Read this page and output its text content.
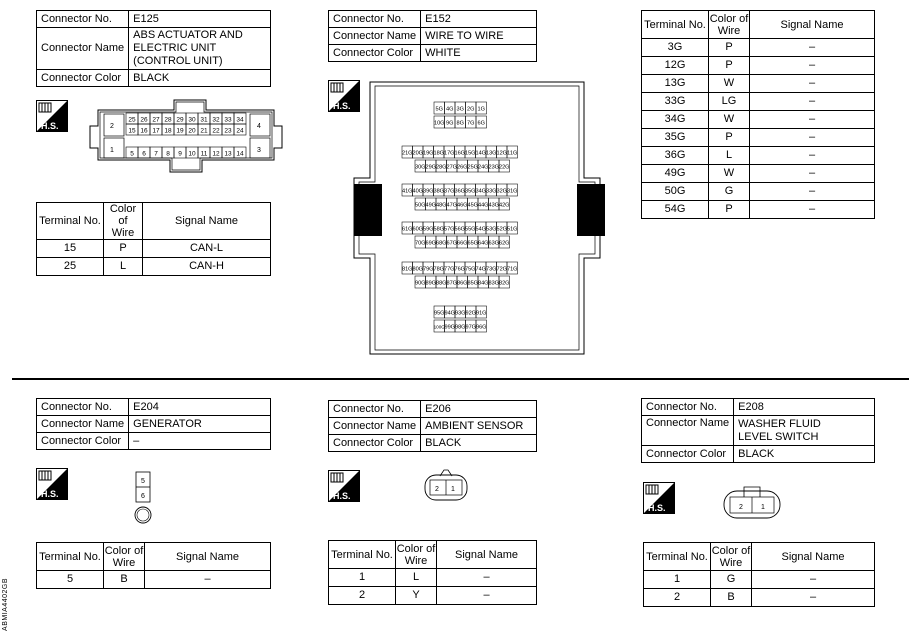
Connector No.	E125
Connector Name	ABS ACTUATOR AND
ELECTRIC UNIT
(CONTROL UNIT)

Connector Color	BLACK
H.S.
25 26 27 28 29 30 31 32 33 34
15 16 17 18 19 20 21 22 23 24
5 6 7 8 9 10 11 12 13 14
2
1
4
3
Terminal No.	Color of
Wire	Signal Name
15	P	CAN-L
25	L	CAN-H
Connector No.	E152
Connector Name	WIRE TO WIRE
Connector Color	WHITE
H.S.	5G 4G 3G 2G 1G
10G 9G 8G 7G 6G
21G 20G 19G 18G 17G 16G 15G 14G 13G 12G 11G
30G 29G 28G 27G 26G 25G 24G 23G 22G
41G 40G 39G 38G 37G 36G 35G 34G 33G 32G 31G
50G 49G 48G 47G 46G 45G 44G 43G 42G
61G 60G 59G 58G 57G 56G 55G 54G 53G 52G 51G
70G 69G 68G 67G 66G 65G 64G 63G 62G
81G 80G 79G 78G 77G 76G 75G 74G 73G 72G 71G
90G 89G 88G 87G 86G 85G 84G 83G 82G
95G 94G 93G 92G 91G
100G 99G 98G 97G 96G
Terminal No.	Color of
Wire	Signal Name
3G	P	–
12G	P	–
13G	W	–
33G	LG	–
34G	W	–
35G	P	–
36G	L	–
49G	W	–
50G	G	–
54G	P	–
Connector No.	E204
Connector Name	GENERATOR
Connector Color	–
H.S.
5
6
Terminal No.	Color of
Wire	Signal Name
5	B	–
Connector No.	E206
Connector Name	AMBIENT SENSOR
Connector Color	BLACK
H.S.
2 1
Terminal No.	Color of
Wire	Signal Name
1	L	–
2	Y	–
Connector No.	E208
Connector Name	WASHER FLUID
LEVEL SWITCH

Connector Color	BLACK
H.S.	2	1
Terminal No.	Color of
Wire	Signal Name
1	G	–
2	B	–
ABMIA4402GB
